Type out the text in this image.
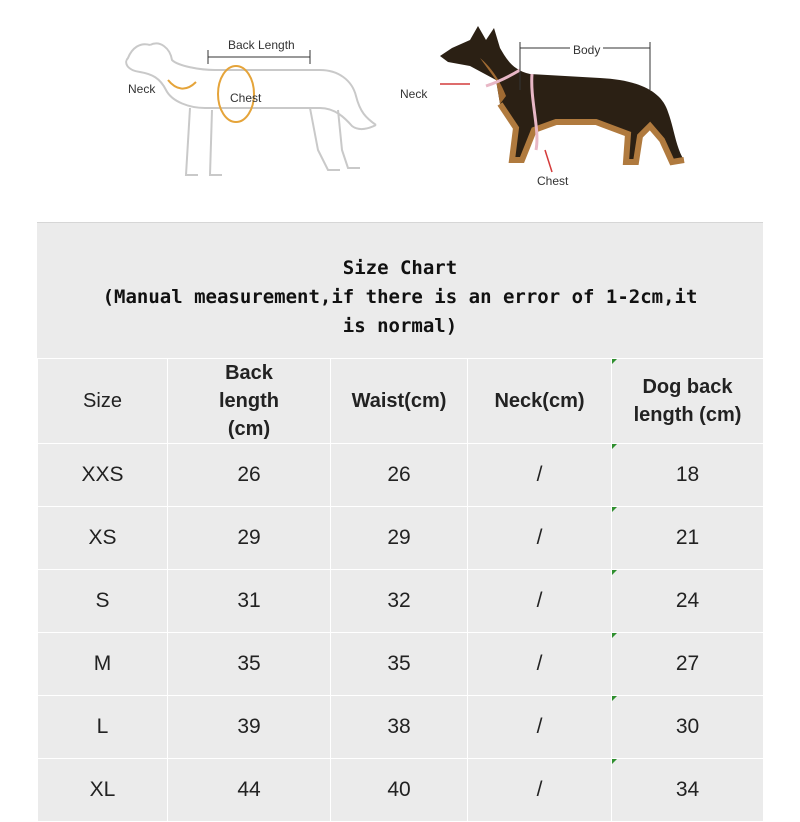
Back Length
Neck
Chest
Body
Neck
Chest
Size Chart
(Manual measurement,if there is an error of 1-2cm,it
is normal)
Size	Back length (cm)	Waist(cm)	Neck(cm)	Dog back length (cm)
XXS	26	26	/	18
XS	29	29	/	21
S	31	32	/	24
M	35	35	/	27
L	39	38	/	30
XL	44	40	/	34
